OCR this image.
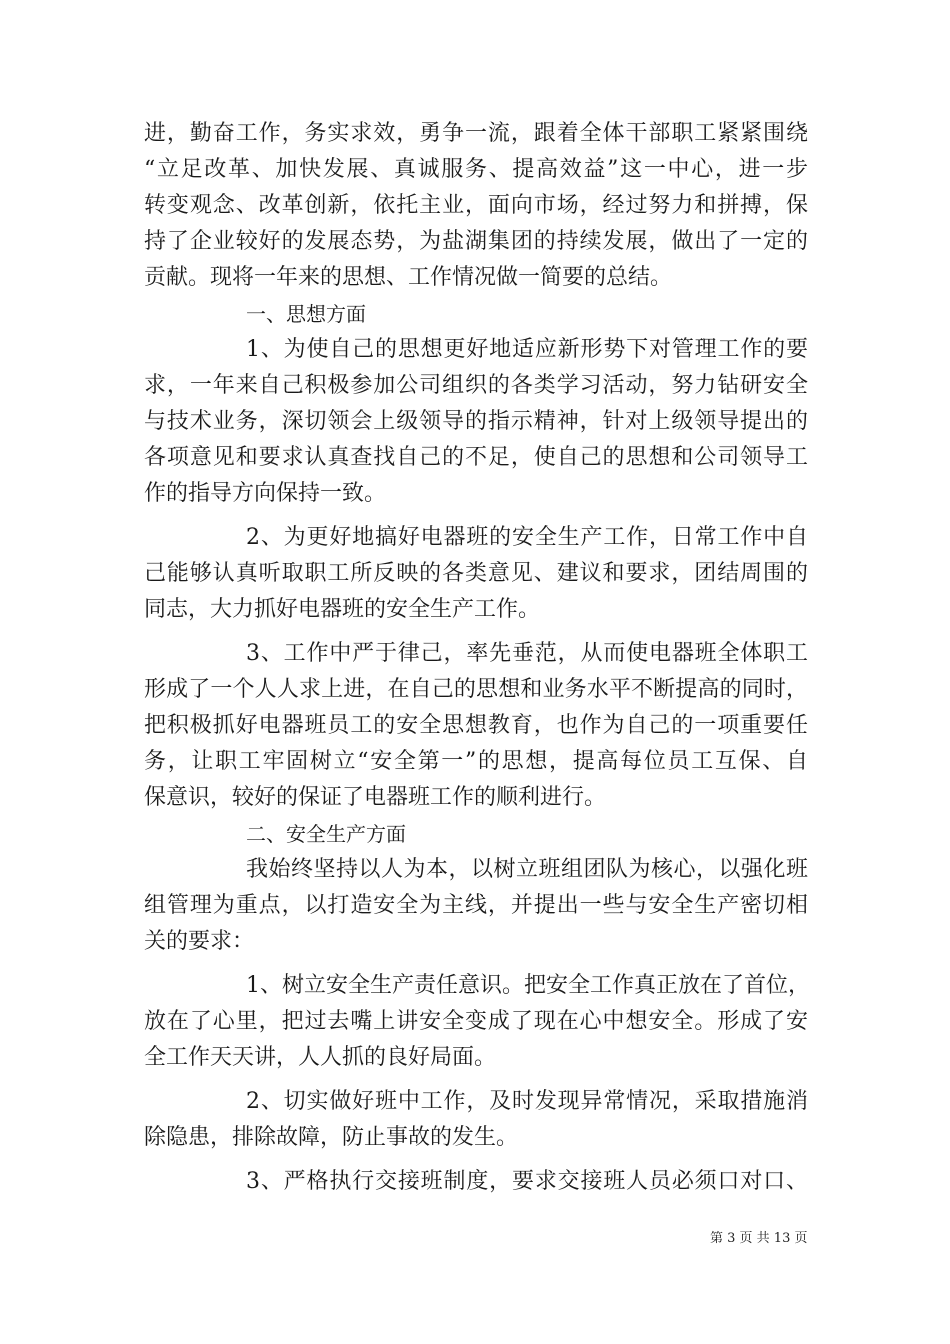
进，勤奋工作，务实求效，勇争一流，跟着全体干部职工紧紧围绕
“立足改革、加快发展、真诚服务、提高效益”这一中心，进一步
转变观念、改革创新，依托主业，面向市场，经过努力和拼搏，保
持了企业较好的发展态势，为盐湖集团的持续发展，做出了一定的
贡献。现将一年来的思想、工作情况做一简要的总结。
一、思想方面
1、为使自己的思想更好地适应新形势下对管理工作的要
求，一年来自己积极参加公司组织的各类学习活动，努力钻研安全
与技术业务，深切领会上级领导的指示精神，针对上级领导提出的
各项意见和要求认真查找自己的不足，使自己的思想和公司领导工
作的指导方向保持一致。
2、为更好地搞好电器班的安全生产工作，日常工作中自
己能够认真听取职工所反映的各类意见、建议和要求，团结周围的
同志，大力抓好电器班的安全生产工作。
3、工作中严于律己，率先垂范，从而使电器班全体职工
形成了一个人人求上进，在自己的思想和业务水平不断提高的同时，
把积极抓好电器班员工的安全思想教育，也作为自己的一项重要任
务，让职工牢固树立“安全第一”的思想，提高每位员工互保、自
保意识，较好的保证了电器班工作的顺利进行。
二、安全生产方面
我始终坚持以人为本，以树立班组团队为核心，以强化班
组管理为重点，以打造安全为主线，并提出一些与安全生产密切相
关的要求：
1、树立安全生产责任意识。把安全工作真正放在了首位，
放在了心里，把过去嘴上讲安全变成了现在心中想安全。形成了安
全工作天天讲，人人抓的良好局面。
2、切实做好班中工作，及时发现异常情况，采取措施消
除隐患，排除故障，防止事故的发生。
3、严格执行交接班制度，要求交接班人员必须口对口、
第 3 页 共 13 页
